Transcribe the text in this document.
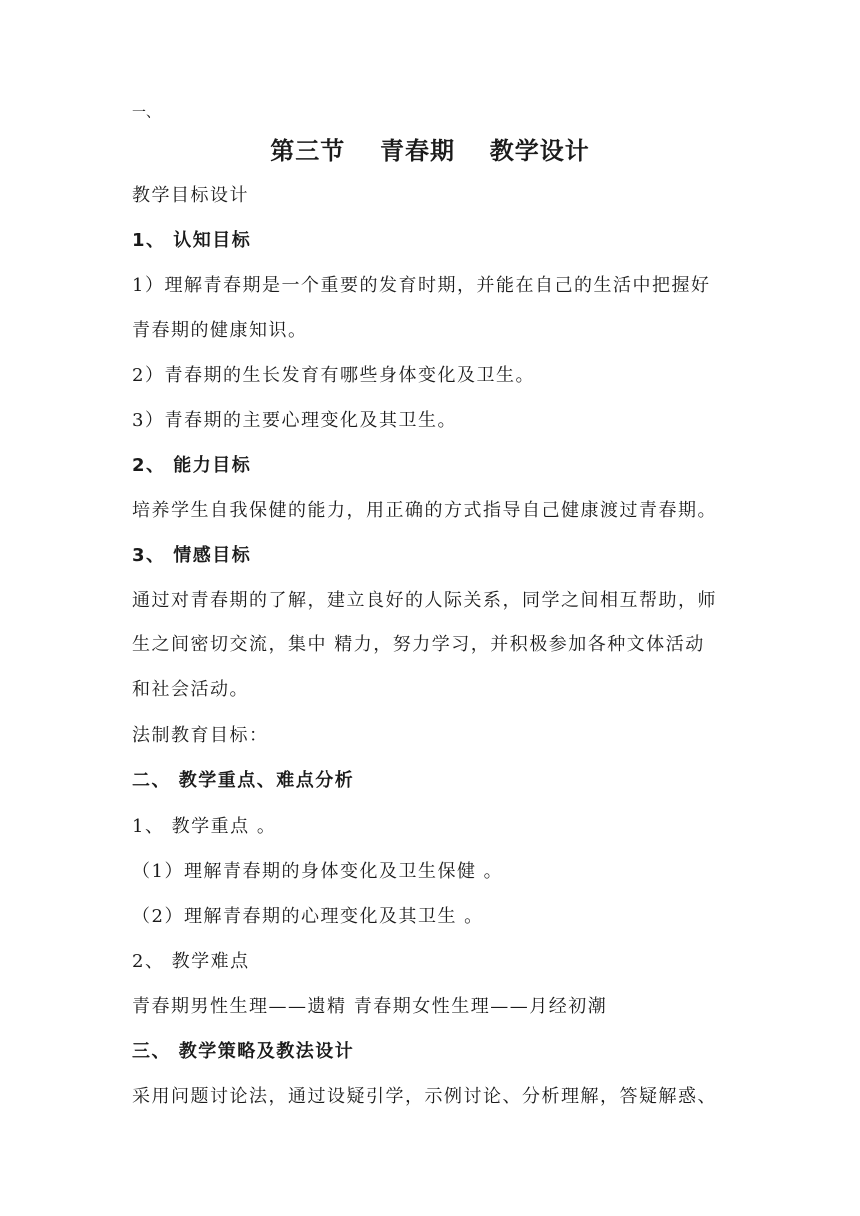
一、
第三节  青春期  教学设计
教学目标设计
1、 认知目标
1）理解青春期是一个重要的发育时期，并能在自己的生活中把握好
青春期的健康知识。
2）青春期的生长发育有哪些身体变化及卫生。
3）青春期的主要心理变化及其卫生。
2、 能力目标
培养学生自我保健的能力，用正确的方式指导自己健康渡过青春期。
3、 情感目标
通过对青春期的了解，建立良好的人际关系，同学之间相互帮助，师
生之间密切交流，集中 精力，努力学习，并积极参加各种文体活动
和社会活动。
法制教育目标：
二、 教学重点、难点分析
1、 教学重点 。
（1）理解青春期的身体变化及卫生保健 。
（2）理解青春期的心理变化及其卫生 。
2、 教学难点
青春期男性生理——遗精 青春期女性生理——月经初潮
三、 教学策略及教法设计
采用问题讨论法，通过设疑引学，示例讨论、分析理解，答疑解惑、
